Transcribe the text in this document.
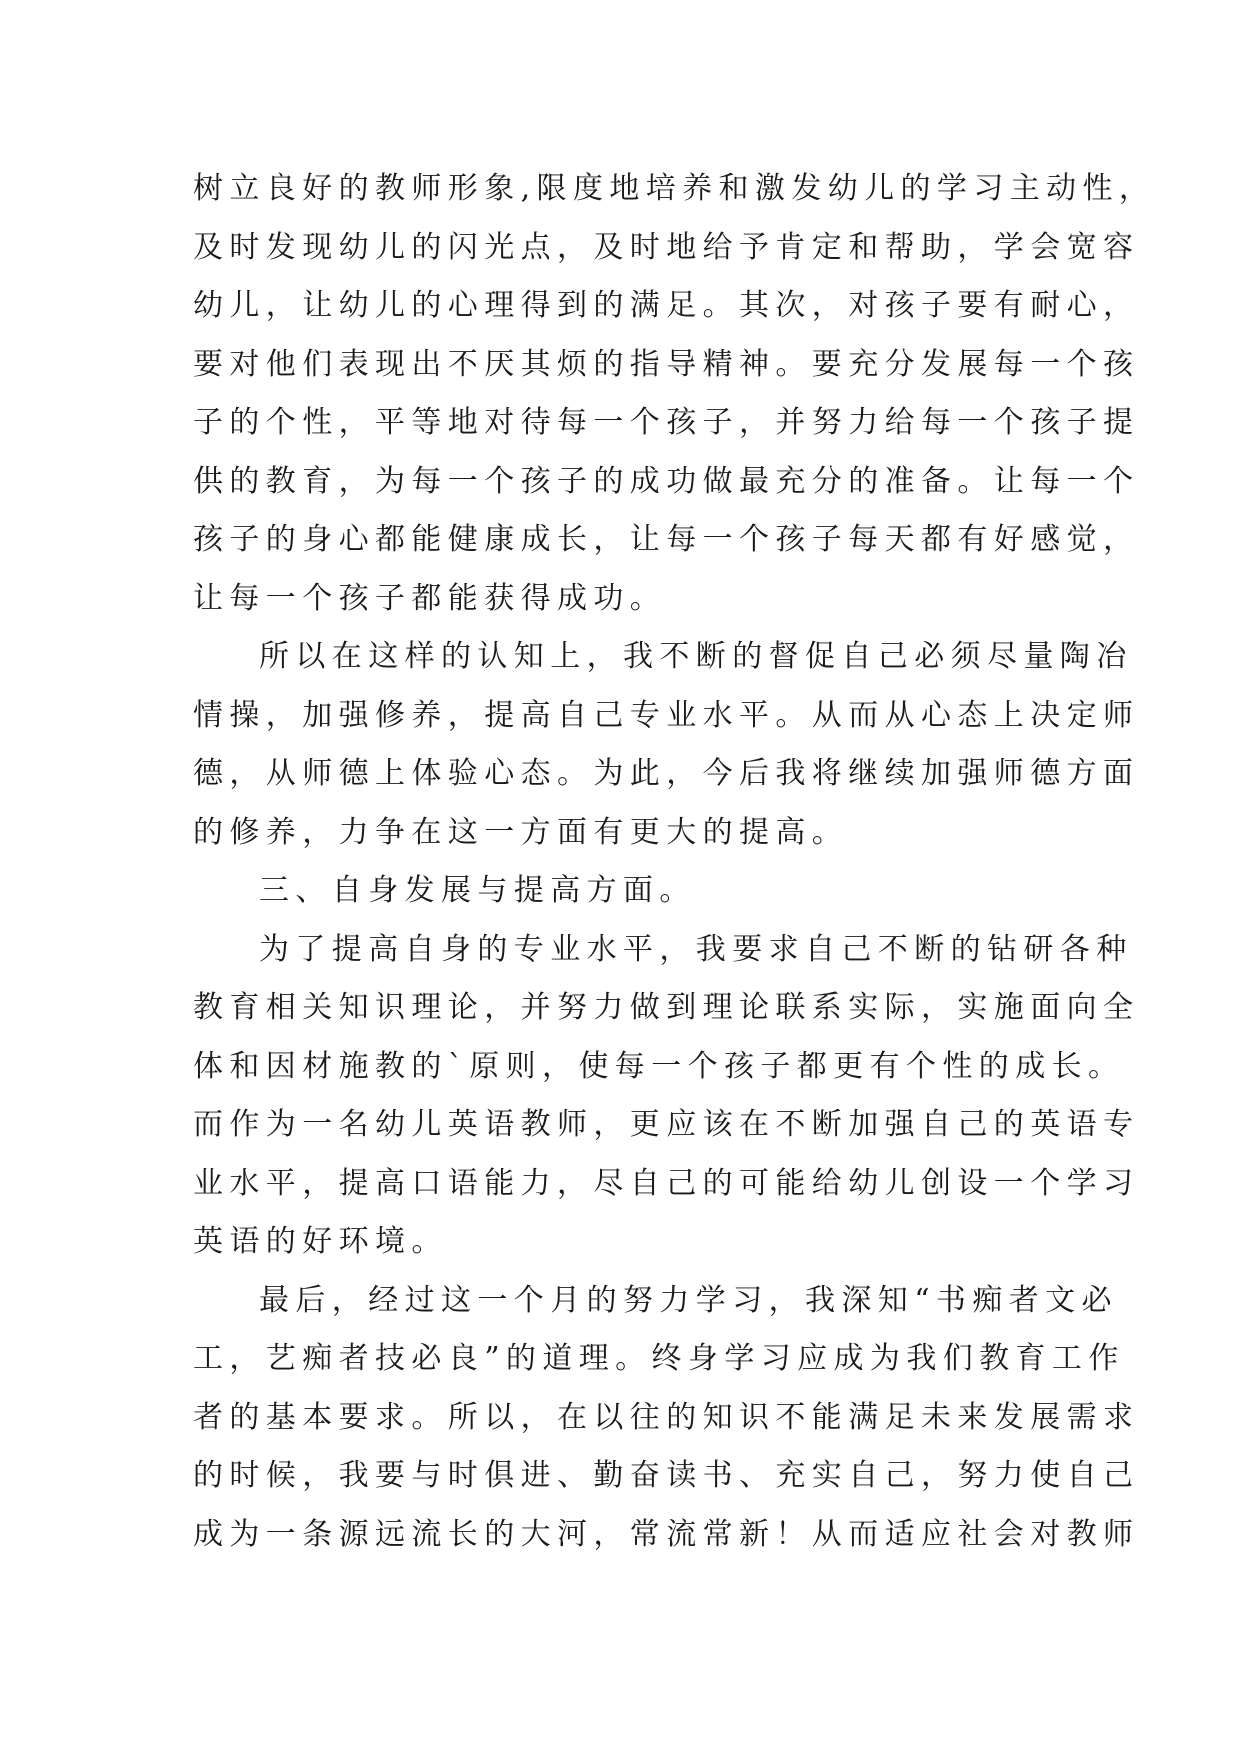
树立良好的教师形象,限度地培养和激发幼儿的学习主动性，
及时发现幼儿的闪光点，及时地给予肯定和帮助，学会宽容
幼儿，让幼儿的心理得到的满足。其次，对孩子要有耐心，
要对他们表现出不厌其烦的指导精神。要充分发展每一个孩
子的个性，平等地对待每一个孩子，并努力给每一个孩子提
供的教育，为每一个孩子的成功做最充分的准备。让每一个
孩子的身心都能健康成长，让每一个孩子每天都有好感觉，
让每一个孩子都能获得成功。
所以在这样的认知上，我不断的督促自己必须尽量陶冶
情操，加强修养，提高自己专业水平。从而从心态上决定师
德，从师德上体验心态。为此，今后我将继续加强师德方面
的修养，力争在这一方面有更大的提高。
三、自身发展与提高方面。
为了提高自身的专业水平，我要求自己不断的钻研各种
教育相关知识理论，并努力做到理论联系实际，实施面向全
体和因材施教的`原则，使每一个孩子都更有个性的成长。
而作为一名幼儿英语教师，更应该在不断加强自己的英语专
业水平，提高口语能力，尽自己的可能给幼儿创设一个学习
英语的好环境。
最后，经过这一个月的努力学习，我深知“书痴者文必
工，艺痴者技必良”的道理。终身学习应成为我们教育工作
者的基本要求。所以，在以往的知识不能满足未来发展需求
的时候，我要与时俱进、勤奋读书、充实自己，努力使自己
成为一条源远流长的大河，常流常新！从而适应社会对教师
